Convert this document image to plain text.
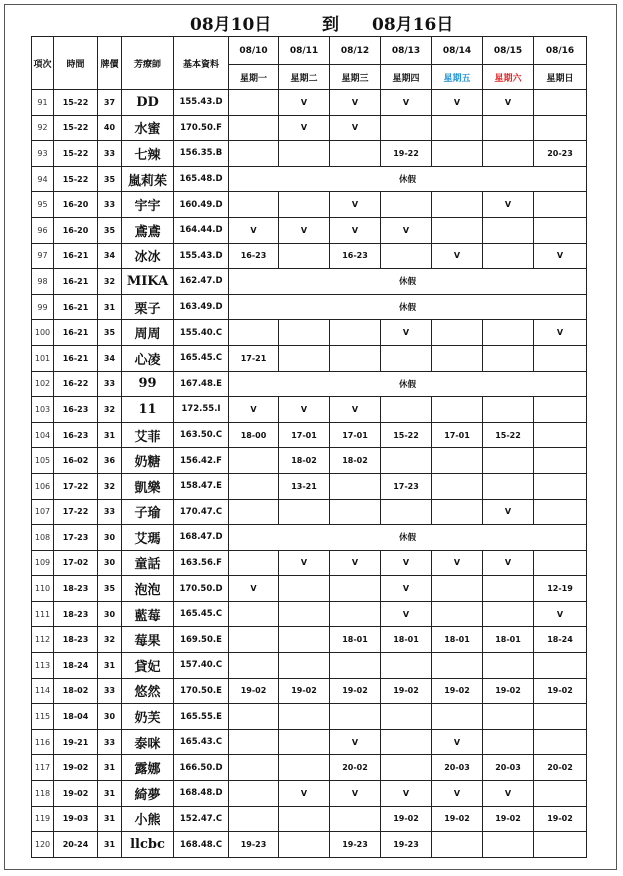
08月10日	到 08月16日
項次	時間	牌價	芳療師	基本資料	08/10	08/11	08/12	08/13	08/14	08/15	08/16
					星期一	星期二	星期三	星期四	星期五	星期六	星期日
91	15-22	37	DD	155.43.D		V	V	V	V	V	
92	15-22	40	水蜜	170.50.F		V	V				
93	15-22	33	七辣	156.35.B				19-22			20-23
94	15-22	35	嵐莉茱	165.48.D	休假						
95	16-20	33	宇宇	160.49.D			V			V	
96	16-20	35	鳶鳶	164.44.D	V	V	V	V			
97	16-21	34	冰冰	155.43.D	16-23		16-23		V		V
98	16-21	32	MIKA	162.47.D	休假						
99	16-21	31	栗子	163.49.D	休假						
100	16-21	35	周周	155.40.C				V			V
101	16-21	34	心凌	165.45.C	17-21						
102	16-22	33	99	167.48.E	休假						
103	16-23	32	11	172.55.I	V	V	V				
104	16-23	31	艾菲	163.50.C	18-00	17-01	17-01	15-22	17-01	15-22	
105	16-02	36	奶糖	156.42.F		18-02	18-02				
106	17-22	32	凱樂	158.47.E		13-21		17-23			
107	17-22	33	子瑜	170.47.C						V	
108	17-23	30	艾瑪	168.47.D	休假						
109	17-02	30	童話	163.56.F		V	V	V	V	V	
110	18-23	35	泡泡	170.50.D	V			V			12-19
111	18-23	30	藍莓	165.45.C				V			V
112	18-23	32	莓果	169.50.E			18-01	18-01	18-01	18-01	18-24
113	18-24	31	貸妃	157.40.C							
114	18-02	33	悠然	170.50.E	19-02	19-02	19-02	19-02	19-02	19-02	19-02
115	18-04	30	奶芙	165.55.E							
116	19-21	33	泰咪	165.43.C			V		V		
117	19-02	31	露娜	166.50.D			20-02		20-03	20-03	20-02
118	19-02	31	綺夢	168.48.D		V	V	V	V	V	
119	19-03	31	小熊	152.47.C				19-02	19-02	19-02	19-02
120	20-24	31	llcbc	168.48.C	19-23		19-23	19-23			
